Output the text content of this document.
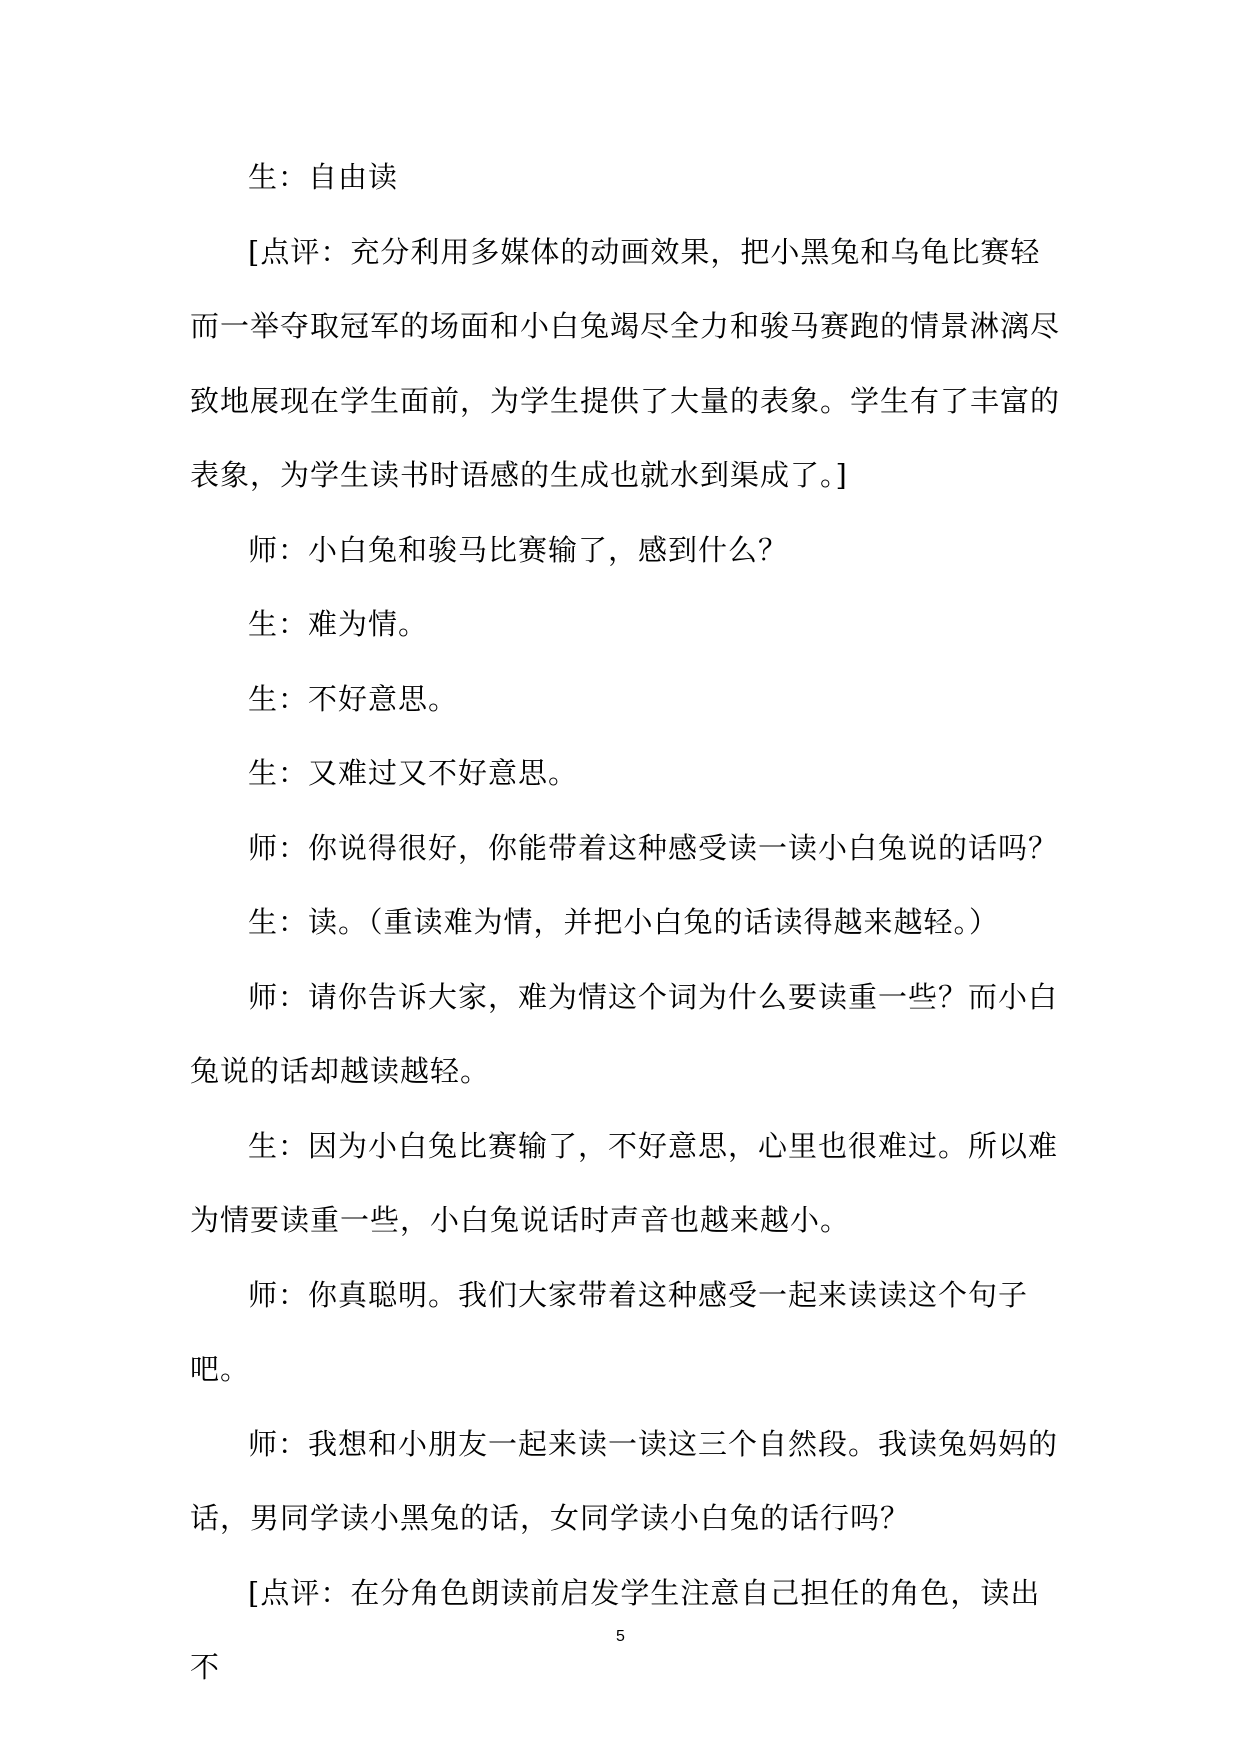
生：自由读

[点评：充分利用多媒体的动画效果，把小黑兔和乌龟比赛轻而一举夺取冠军的场面和小白兔竭尽全力和骏马赛跑的情景淋漓尽致地展现在学生面前，为学生提供了大量的表象。学生有了丰富的表象，为学生读书时语感的生成也就水到渠成了。]

师：小白兔和骏马比赛输了，感到什么？

生：难为情。

生：不好意思。

生：又难过又不好意思。

师：你说得很好，你能带着这种感受读一读小白兔说的话吗？

生：读。（重读难为情，并把小白兔的话读得越来越轻。）

师：请你告诉大家，难为情这个词为什么要读重一些？而小白兔说的话却越读越轻。

生：因为小白兔比赛输了，不好意思，心里也很难过。所以难为情要读重一些，小白兔说话时声音也越来越小。

师：你真聪明。我们大家带着这种感受一起来读读这个句子吧。

师：我想和小朋友一起来读一读这三个自然段。我读兔妈妈的话，男同学读小黑兔的话，女同学读小白兔的话行吗？

[点评：在分角色朗读前启发学生注意自己担任的角色，读出不

5
